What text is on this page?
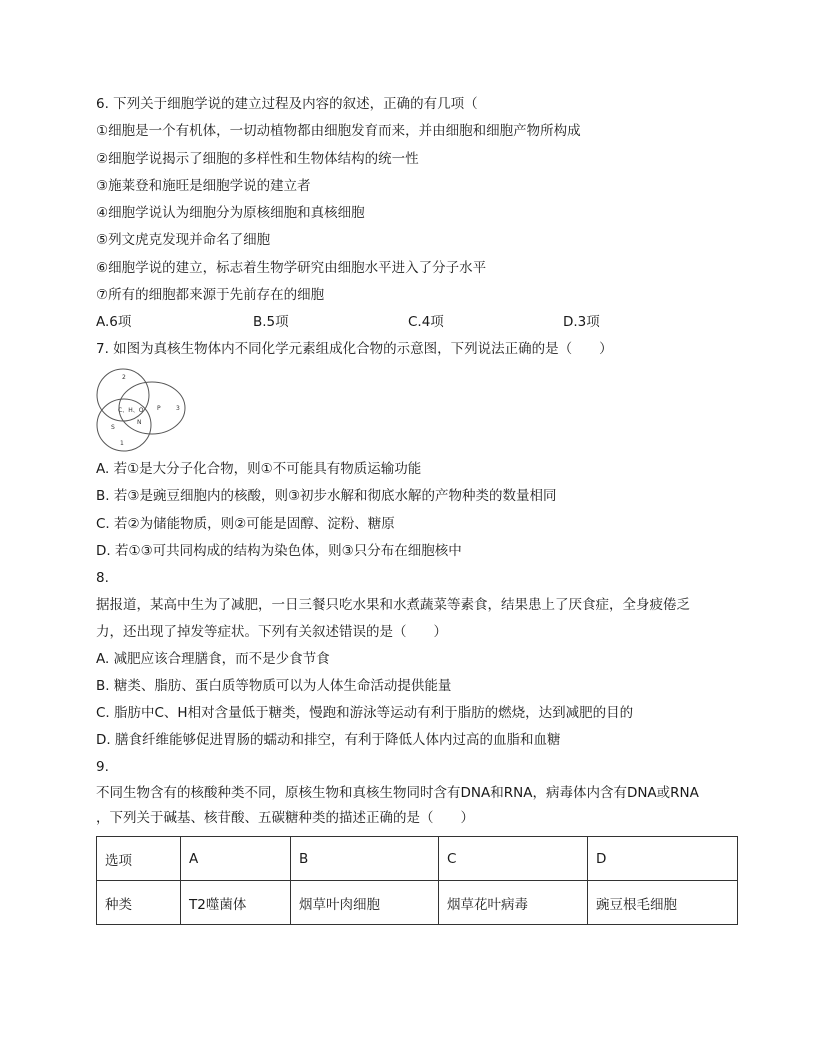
6. 下列关于细胞学说的建立过程及内容的叙述，正确的有几项（
①细胞是一个有机体，一切动植物都由细胞发育而来，并由细胞和细胞产物所构成
②细胞学说揭示了细胞的多样性和生物体结构的统一性
③施莱登和施旺是细胞学说的建立者
④细胞学说认为细胞分为原核细胞和真核细胞
⑤列文虎克发现并命名了细胞
⑥细胞学说的建立，标志着生物学研究由细胞水平进入了分子水平
⑦所有的细胞都来源于先前存在的细胞
A.6项	B.5项	C.4项	D.3项
7. 如图为真核生物体内不同化学元素组成化合物的示意图，下列说法正确的是（　　）
2
C、H、O P	3
N
S
1
A. 若①是大分子化合物，则①不可能具有物质运输功能
B. 若③是豌豆细胞内的核酸，则③初步水解和彻底水解的产物种类的数量相同
C. 若②为储能物质，则②可能是固醇、淀粉、糖原
D. 若①③可共同构成的结构为染色体，则③只分布在细胞核中
8.
据报道，某高中生为了减肥，一日三餐只吃水果和水煮蔬菜等素食，结果患上了厌食症，全身疲倦乏
力，还出现了掉发等症状。下列有关叙述错误的是（　　）
A. 减肥应该合理膳食，而不是少食节食
B. 糖类、脂肪、蛋白质等物质可以为人体生命活动提供能量
C. 脂肪中C、H相对含量低于糖类，慢跑和游泳等运动有利于脂肪的燃烧，达到减肥的目的
D. 膳食纤维能够促进胃肠的蠕动和排空，有利于降低人体内过高的血脂和血糖
9.
不同生物含有的核酸种类不同，原核生物和真核生物同时含有DNA和RNA，病毒体内含有DNA或RNA
，下列关于碱基、核苷酸、五碳糖种类的描述正确的是（　　）
选项	A	B	C	D
种类	T2噬菌体	烟草叶肉细胞	烟草花叶病毒	豌豆根毛细胞
